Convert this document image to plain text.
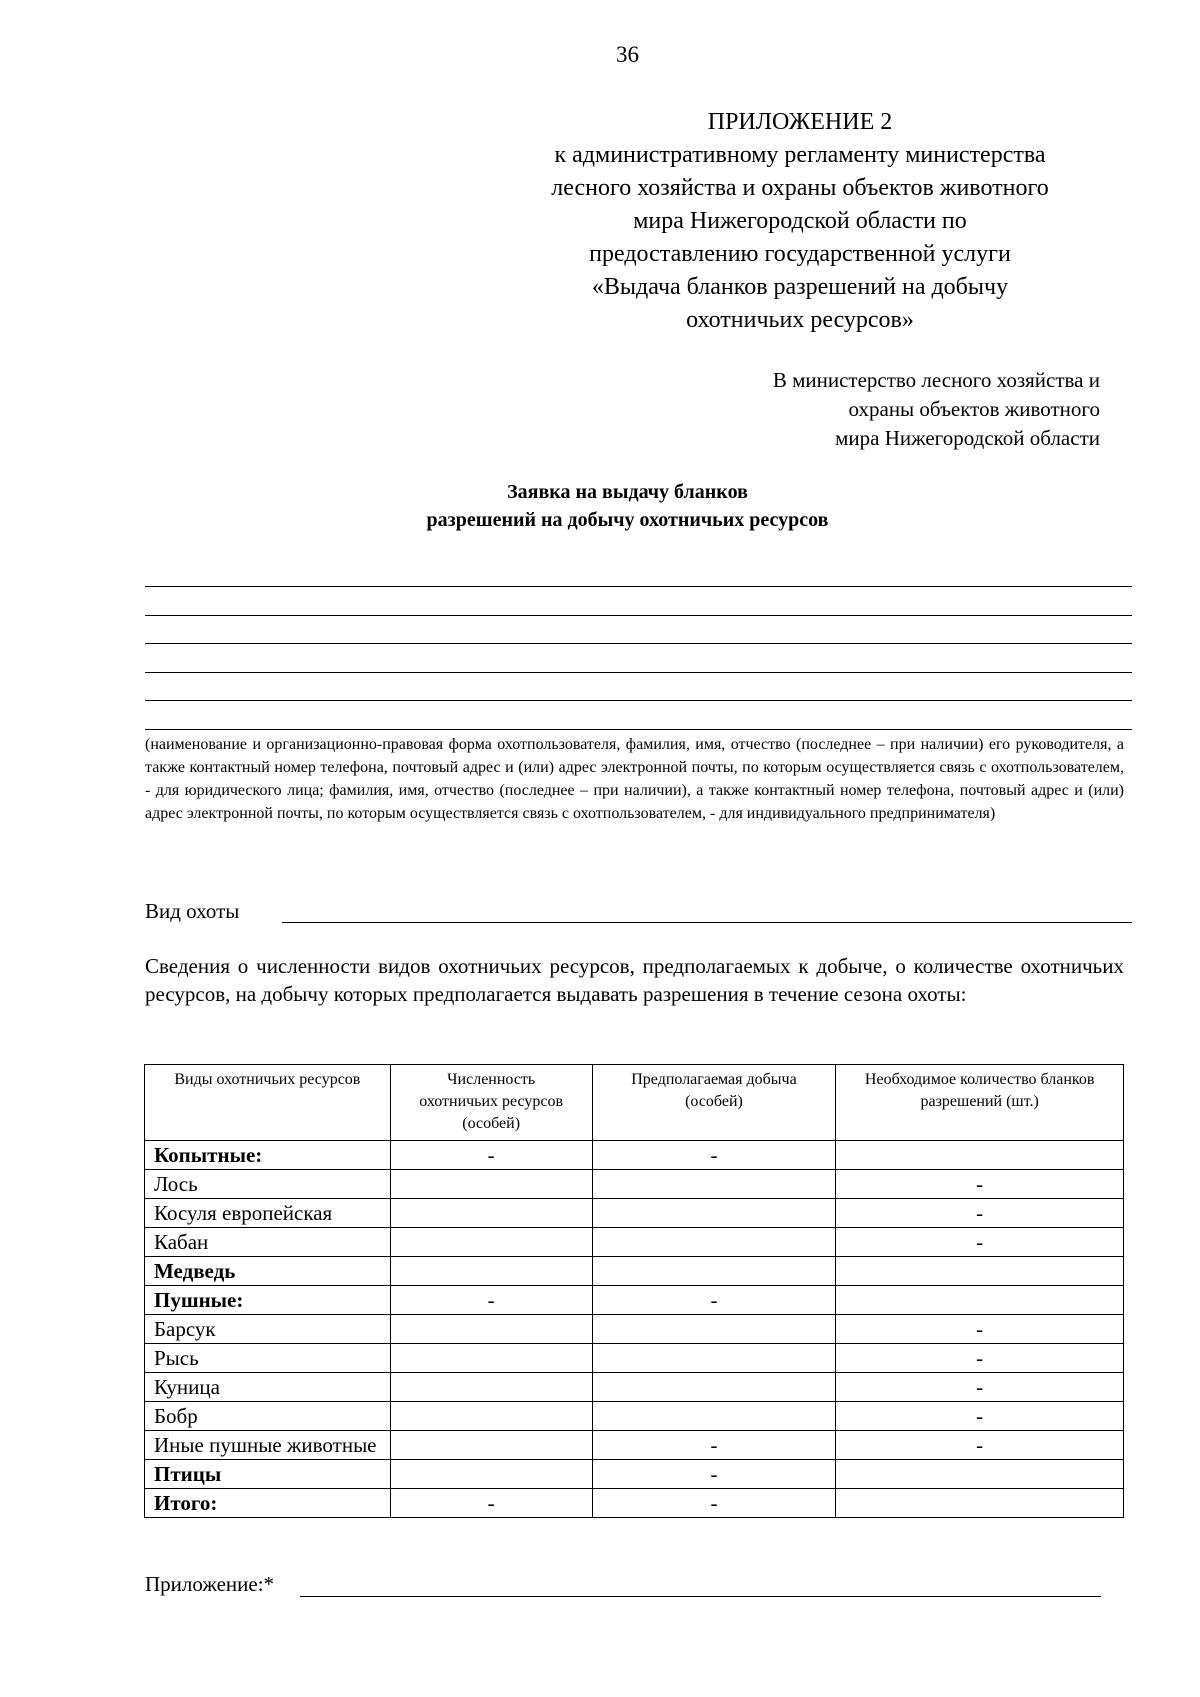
36
ПРИЛОЖЕНИЕ 2
к административному регламенту министерства
лесного хозяйства и охраны объектов животного
мира Нижегородской области по
предоставлению государственной услуги
«Выдача бланков разрешений на добычу
охотничьих ресурсов»
В министерство лесного хозяйства и
охраны объектов животного
мира Нижегородской области
Заявка на выдачу бланков
разрешений на добычу охотничьих ресурсов
(наименование и организационно-правовая форма охотпользователя, фамилия, имя, отчество (последнее – при наличии) его руководителя, а также контактный номер телефона, почтовый адрес и (или) адрес электронной почты, по которым осуществляется связь с охотпользователем, - для юридического лица; фамилия, имя, отчество (последнее – при наличии), а также контактный номер телефона, почтовый адрес и (или) адрес электронной почты, по которым осуществляется связь с охотпользователем, - для индивидуального предпринимателя)
Вид охоты
Сведения о численности видов охотничьих ресурсов, предполагаемых к добыче, о количестве охотничьих ресурсов, на добычу которых предполагается выдавать разрешения в течение сезона охоты:
Виды охотничьих ресурсов	Численность охотничьих ресурсов (особей)	Предполагаемая добыча (особей)	Необходимое количество бланков разрешений (шт.)
Копытные:	-	-	
Лось			-
Косуля европейская			-
Кабан			-
Медведь			
Пушные:	-	-	
Барсук			-
Рысь			-
Куница			-
Бобр			-
Иные пушные животные		-	-
Птицы		-	
Итого:	-	-	
Приложение:*
